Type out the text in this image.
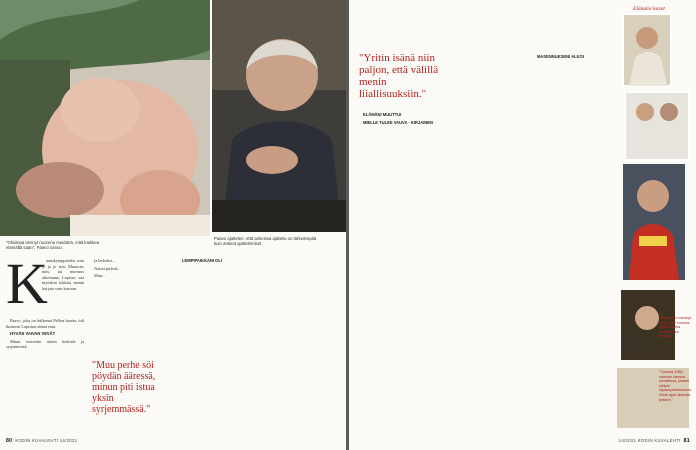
"Olisimpa tiennyt nuorena meidänä, mitä kaikkea elämältä saan", Paavo sanoo.
Paavo ajattelee, että ankeissa ajattelu on tärkeämpää kuin ankeat ajattelemiset.
K

uuntkymppiseksi niin jo ja jo isin. Muutoin, niin, tai nuoruus aikoinaan, Lapissa, saa myöskin tykkäsi mentä korjata vain kuvaan.

Paavo, joka on kulkenut Pellon kautta, tuli ikuisesti Lapiston alasta mm.

HYVÄN VAIVAN VEVÄT

Minut erotettiin ääriin hetkistä ja syrjimisestä.

ja leskeksi...

Naiset pitävät...

Mun...

"Muu perhe söi pöydän ääressä, minun piti istua yksin syrjemmässä."

LEMPIPAIKKANI OLI

80 KODIN KUVALEHTI 14/2021
"Yritin isänä niin paljon, että välillä menin liiallisuuksiin."

ELÄMÄNI MUUTTUI

MIELLE TULEE VAUVA · KIRJAINEN

MASENNUKSENI ALKOI

Elämäni kuvat
"Tässä olen 18-vuotiaana koltiphäiden silmillä Pentin Pängäin-kaveri sekä äiti."
"Häätävien mennyt 12.6.1982 vuonna 1984 Annela lastinkuvien kanssa."
"Vuonna 1984 vaimoni kanssa kuvatessa, jostain siirtyin lupauspoikkeuksiin. Viesti ajan tärkeää tyttäret."
14/2021 KODIN KUVALEHTI 81
